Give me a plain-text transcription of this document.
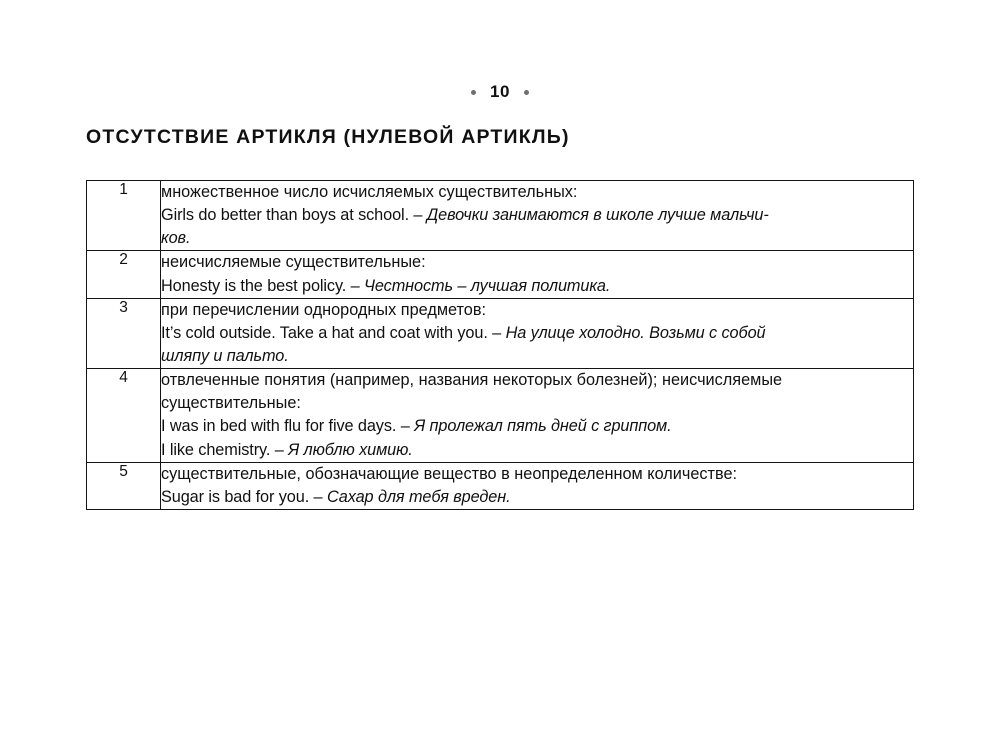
10
ОТСУТСТВИЕ АРТИКЛЯ (НУЛЕВОЙ АРТИКЛЬ)
1	множественное число исчисляемых существительных:
Girls do better than boys at school. – Девочки занимаются в школе лучше мальчи-
ков.

2	неисчисляемые существительные:
Honesty is the best policy. – Честность – лучшая политика.

3	при перечислении однородных предметов:
It’s cold outside. Take a hat and coat with you. – На улице холодно. Возьми с собой
шляпу и пальто.

4	отвлеченные понятия (например, названия некоторых болезней); неисчисляемые
существительные:
I was in bed with flu for five days. – Я пролежал пять дней с гриппом.
I like chemistry. – Я люблю химию.

5	существительные, обозначающие вещество в неопределенном количестве:
Sugar is bad for you. – Сахар для тебя вреден.
